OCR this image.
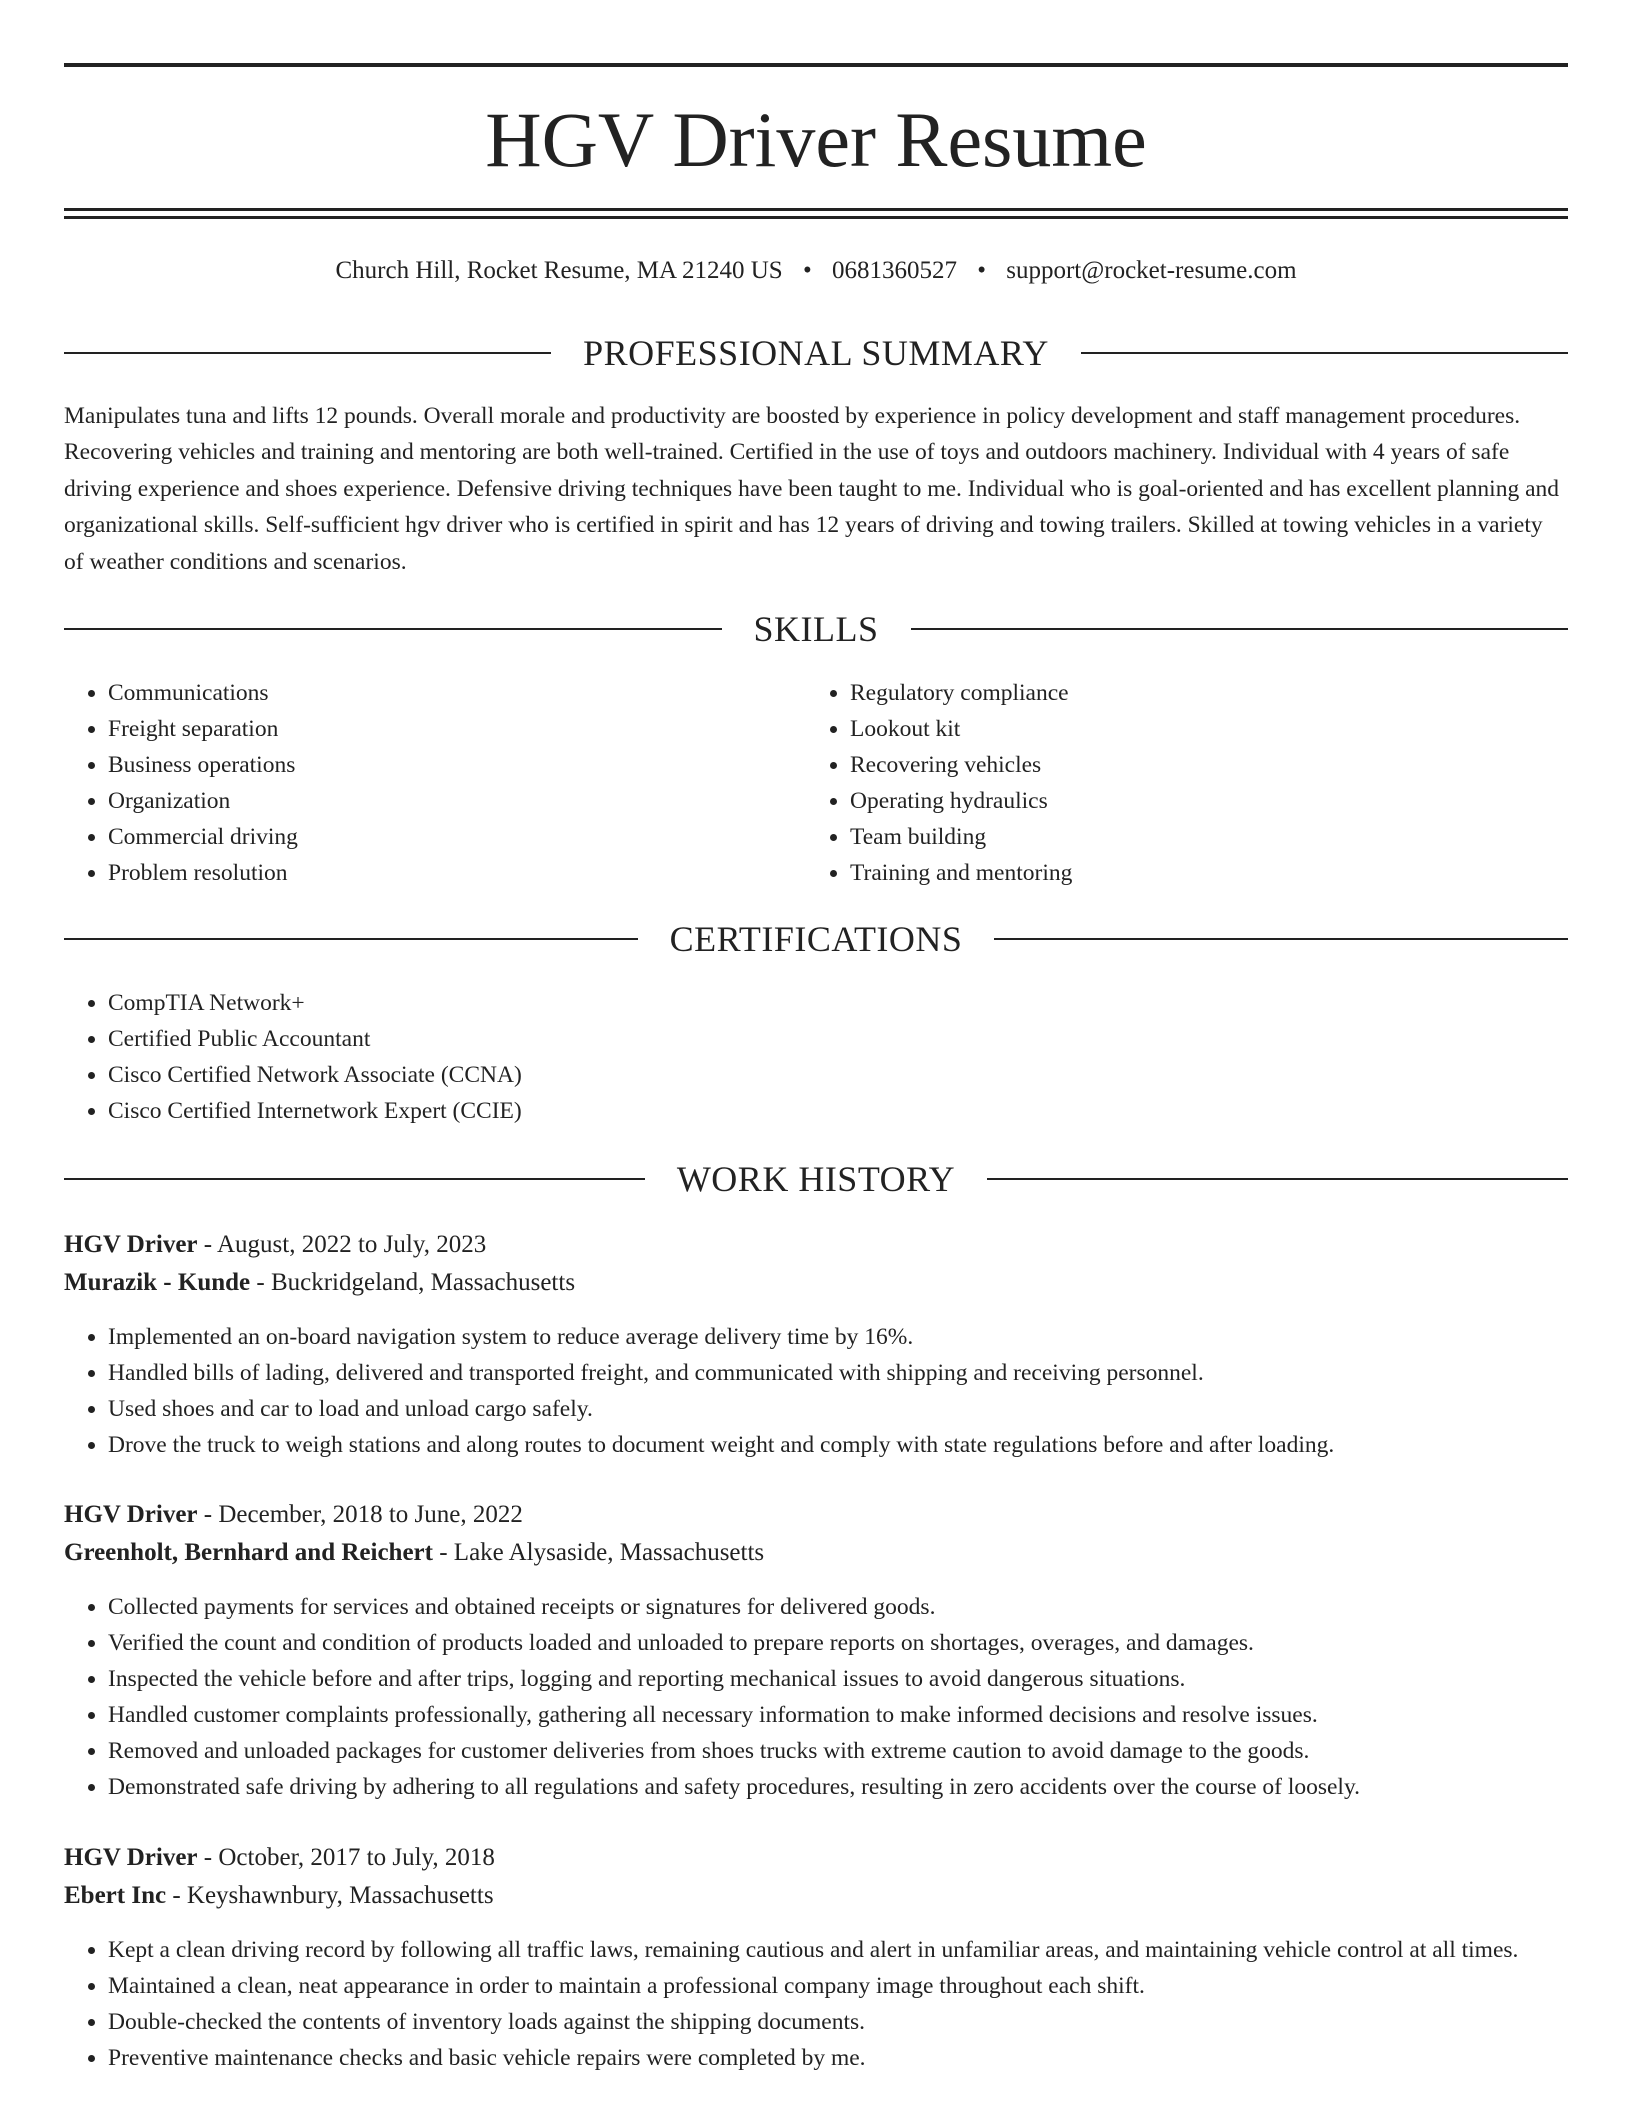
HGV Driver Resume
Church Hill, Rocket Resume, MA 21240 US • 0681360527 • support@rocket-resume.com
PROFESSIONAL SUMMARY

Manipulates tuna and lifts 12 pounds. Overall morale and productivity are boosted by experience in policy development and staff management procedures. Recovering vehicles and training and mentoring are both well-trained. Certified in the use of toys and outdoors machinery. Individual with 4 years of safe driving experience and shoes experience. Defensive driving techniques have been taught to me. Individual who is goal-oriented and has excellent planning and organizational skills. Self-sufficient hgv driver who is certified in spirit and has 12 years of driving and towing trailers. Skilled at towing vehicles in a variety of weather conditions and scenarios.

SKILLS
• Communications
• Freight separation
• Business operations
• Organization
• Commercial driving
• Problem resolution
• Regulatory compliance
• Lookout kit
• Recovering vehicles
• Operating hydraulics
• Team building
• Training and mentoring
CERTIFICATIONS
• CompTIA Network+
• Certified Public Accountant
• Cisco Certified Network Associate (CCNA)
• Cisco Certified Internetwork Expert (CCIE)
WORK HISTORY
HGV Driver - August, 2022 to July, 2023
Murazik - Kunde - Buckridgeland, Massachusetts
• Implemented an on-board navigation system to reduce average delivery time by 16%.
• Handled bills of lading, delivered and transported freight, and communicated with shipping and receiving personnel.
• Used shoes and car to load and unload cargo safely.
• Drove the truck to weigh stations and along routes to document weight and comply with state regulations before and after loading.
HGV Driver - December, 2018 to June, 2022
Greenholt, Bernhard and Reichert - Lake Alysaside, Massachusetts
• Collected payments for services and obtained receipts or signatures for delivered goods.
• Verified the count and condition of products loaded and unloaded to prepare reports on shortages, overages, and damages.
• Inspected the vehicle before and after trips, logging and reporting mechanical issues to avoid dangerous situations.
• Handled customer complaints professionally, gathering all necessary information to make informed decisions and resolve issues.
• Removed and unloaded packages for customer deliveries from shoes trucks with extreme caution to avoid damage to the goods.
• Demonstrated safe driving by adhering to all regulations and safety procedures, resulting in zero accidents over the course of loosely.
HGV Driver - October, 2017 to July, 2018
Ebert Inc - Keyshawnbury, Massachusetts
• Kept a clean driving record by following all traffic laws, remaining cautious and alert in unfamiliar areas, and maintaining vehicle control at all times.
• Maintained a clean, neat appearance in order to maintain a professional company image throughout each shift.
• Double-checked the contents of inventory loads against the shipping documents.
• Preventive maintenance checks and basic vehicle repairs were completed by me.
